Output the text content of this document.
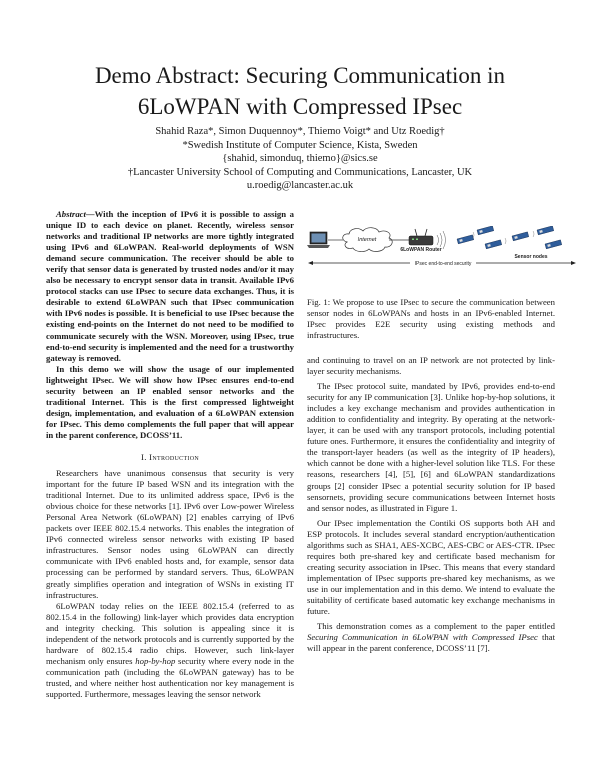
Demo Abstract: Securing Communication in
6LoWPAN with Compressed IPsec
Shahid Raza*, Simon Duquennoy*, Thiemo Voigt* and Utz Roedig†
*Swedish Institute of Computer Science, Kista, Sweden
{shahid, simonduq, thiemo}@sics.se
†Lancaster University School of Computing and Communications, Lancaster, UK
u.roedig@lancaster.ac.uk

Abstract—With the inception of IPv6 it is possible to assign a unique ID to each device on planet. Recently, wireless sensor networks and traditional IP networks are more tightly integrated using IPv6 and 6LoWPAN. Real-world deployments of WSN demand secure communication. The receiver should be able to verify that sensor data is generated by trusted nodes and/or it may also be necessary to encrypt sensor data in transit. Available IPv6 protocol stacks can use IPsec to secure data exchanges. Thus, it is desirable to extend 6LoWPAN such that IPsec communication with IPv6 nodes is possible. It is beneficial to use IPsec because the existing end-points on the Internet do not need to be modified to communicate securely with the WSN. Moreover, using IPsec, true end-to-end security is implemented and the need for a trustworthy gateway is removed.

In this demo we will show the usage of our implemented lightweight IPsec. We will show how IPsec ensures end-to-end security between an IP enabled sensor networks and the traditional Internet. This is the first compressed lightweight design, implementation, and evaluation of a 6LoWPAN extension for IPsec. This demo complements the full paper that will appear in the parent conference, DCOSS’11.

I. Introduction

Researchers have unanimous consensus that security is very important for the future IP based WSN and its integration with the traditional Internet. Due to its unlimited address space, IPv6 is the obvious choice for these networks [1]. IPv6 over Low-power Wireless Personal Area Network (6LoWPAN) [2] enables carrying of IPv6 packets over IEEE 802.15.4 networks. This enables the integration of IPv6 connected wireless sensor networks with existing IP based infrastructures. Sensor nodes using 6LoWPAN can directly communicate with IPv6 enabled hosts and, for example, sensor data processing can be performed by standard servers. Thus, 6LoWPAN greatly simplifies operation and integration of WSNs in existing IT infrastructures.

6LoWPAN today relies on the IEEE 802.15.4 (referred to as 802.15.4 in the following) link-layer which provides data encryption and integrity checking. This solution is appealing since it is independent of the network protocols and is currently supported by the hardware of 802.15.4 radio chips. However, such link-layer mechanism only ensures hop-by-hop security where every node in the communication path (including the 6LoWPAN gateway) has to be trusted, and where neither host authentication nor key management is supported. Furthermore, messages leaving the sensor network

Internet
6LoWPAN Router
Sensor nodes
IPsec end-to-end security

Fig. 1: We propose to use IPsec to secure the communication between sensor nodes in 6LoWPANs and hosts in an IPv6-enabled Internet. IPsec provides E2E security using existing methods and infrastructures.

and continuing to travel on an IP network are not protected by link-layer security mechanisms.

The IPsec protocol suite, mandated by IPv6, provides end-to-end security for any IP communication [3]. Unlike hop-by-hop solutions, it includes a key exchange mechanism and provides authentication in addition to confidentiality and integrity. By operating at the network-layer, it can be used with any transport protocols, including potential future ones. Furthermore, it ensures the confidentiality and integrity of the transport-layer headers (as well as the integrity of IP headers), which cannot be done with a higher-level solution like TLS. For these reasons, researchers [4], [5], [6] and 6LoWPAN standardizations groups [2] consider IPsec a potential security solution for IP based sensornets, providing secure communications between Internet hosts and sensor nodes, as illustrated in Figure 1.

Our IPsec implementation the Contiki OS supports both AH and ESP protocols. It includes several standard encryption/authentication algorithms such as SHA1, AES-XCBC, AES-CBC or AES-CTR. IPsec requires both pre-shared key and certificate based mechanism for creating security association in IPsec. This means that every standard implementation of IPsec supports pre-shared key mechanisms, as we use in our implementation and in this demo. We intend to evaluate the suitability of certificate based automatic key exchange mechanisms in future.

This demonstration comes as a complement to the paper entitled Securing Communication in 6LoWPAN with Compressed IPsec that will appear in the parent conference, DCOSS’11 [7].
